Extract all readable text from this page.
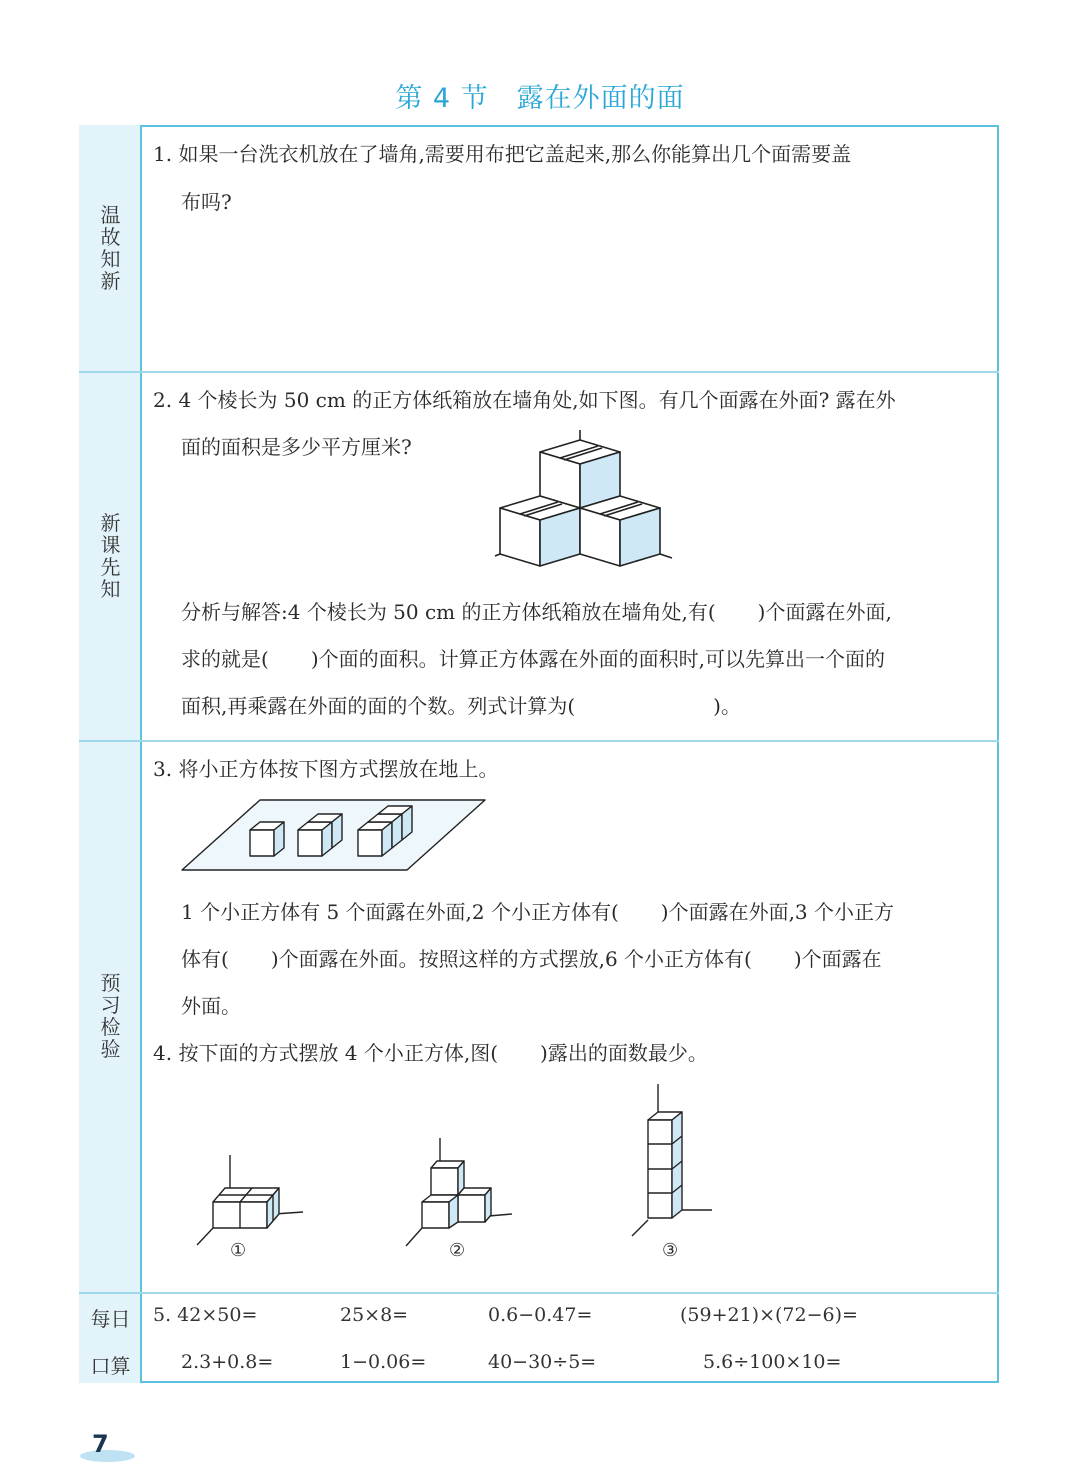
第 4 节 露在外面的面
温
故
知
新
新
课
先
知
预
习
检
验
1. 如果一台洗衣机放在了墙角,需要用布把它盖起来,那么你能算出几个面需要盖
布吗?
2. 4 个棱长为 50 cm 的正方体纸箱放在墙角处,如下图。有几个面露在外面? 露在外
面的面积是多少平方厘米?
分析与解答:4 个棱长为 50 cm 的正方体纸箱放在墙角处,有( )个面露在外面,
求的就是( )个面的面积。计算正方体露在外面的面积时,可以先算出一个面的
面积,再乘露在外面的面的个数。列式计算为(	)。
3. 将小正方体按下图方式摆放在地上。
1 个小正方体有 5 个面露在外面,2 个小正方体有( )个面露在外面,3 个小正方
体有( )个面露在外面。按照这样的方式摆放,6 个小正方体有( )个面露在
外面。
4. 按下面的方式摆放 4 个小正方体,图( )露出的面数最少。
①	②	③
每日
口算
5. 42×50=	25×8=	0.6−0.47=	(59+21)×(72−6)=
2.3+0.8=	1−0.06=	40−30÷5=	5.6÷100×10=
7
